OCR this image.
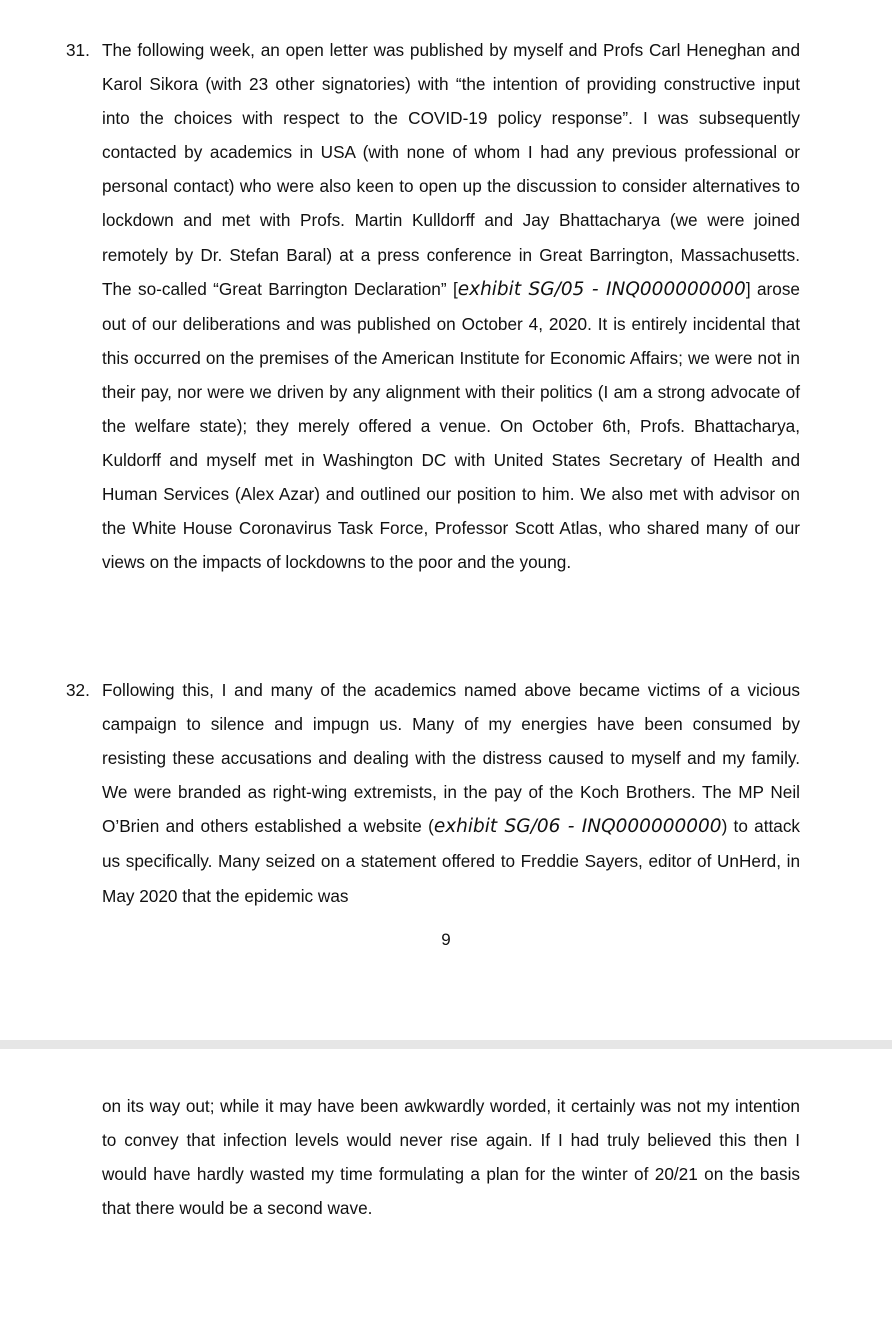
31. The following week, an open letter was published by myself and Profs Carl Heneghan and Karol Sikora (with 23 other signatories) with “the intention of providing constructive input into the choices with respect to the COVID-19 policy response”. I was subsequently contacted by academics in USA (with none of whom I had any previous professional or personal contact) who were also keen to open up the discussion to consider alternatives to lockdown and met with Profs. Martin Kulldorff and Jay Bhattacharya (we were joined remotely by Dr. Stefan Baral) at a press conference in Great Barrington, Massachusetts. The so-called “Great Barrington Declaration” [exhibit SG/05 - INQ000000000] arose out of our deliberations and was published on October 4, 2020. It is entirely incidental that this occurred on the premises of the American Institute for Economic Affairs; we were not in their pay, nor were we driven by any alignment with their politics (I am a strong advocate of the welfare state); they merely offered a venue. On October 6th, Profs. Bhattacharya, Kuldorff and myself met in Washington DC with United States Secretary of Health and Human Services (Alex Azar) and outlined our position to him. We also met with advisor on the White House Coronavirus Task Force, Professor Scott Atlas, who shared many of our views on the impacts of lockdowns to the poor and the young.

32. Following this, I and many of the academics named above became victims of a vicious campaign to silence and impugn us. Many of my energies have been consumed by resisting these accusations and dealing with the distress caused to myself and my family. We were branded as right-wing extremists, in the pay of the Koch Brothers. The MP Neil O’Brien and others established a website (exhibit SG/06 - INQ000000000) to attack us specifically. Many seized on a statement offered to Freddie Sayers, editor of UnHerd, in May 2020 that the epidemic was

9

on its way out; while it may have been awkwardly worded, it certainly was not my intention to convey that infection levels would never rise again. If I had truly believed this then I would have hardly wasted my time formulating a plan for the winter of 20/21 on the basis that there would be a second wave.
